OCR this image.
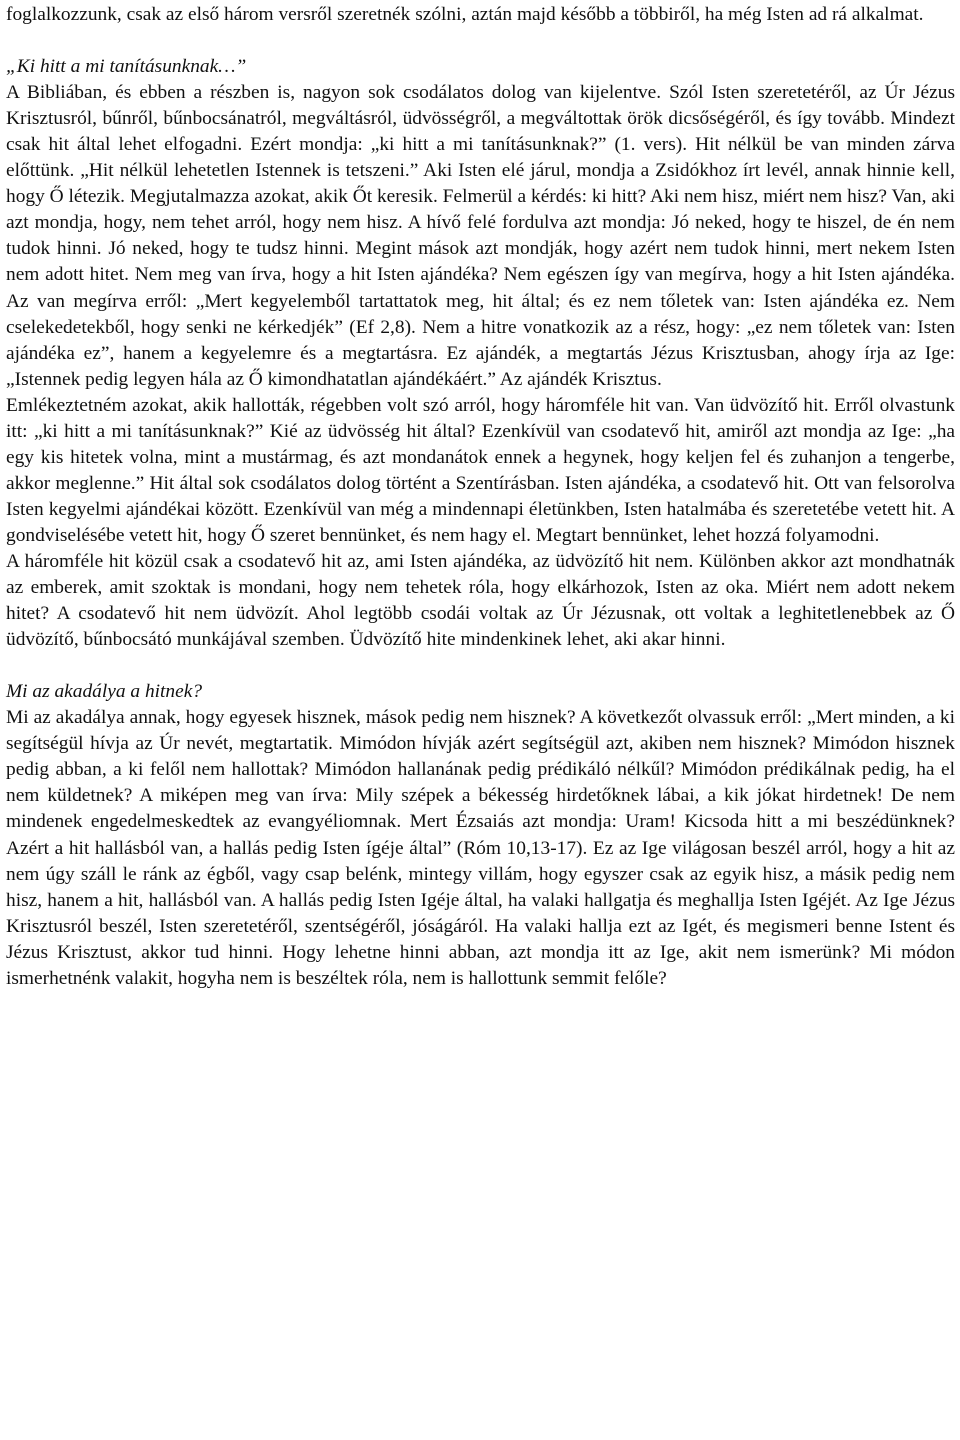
foglalkozzunk, csak az első három versről szeretnék szólni, aztán majd később a többiről, ha még Isten ad rá alkalmat.

„Ki hitt a mi tanításunknak…”

A Bibliában, és ebben a részben is, nagyon sok csodálatos dolog van kijelentve. Szól Isten szeretetéről, az Úr Jézus Krisztusról, bűnről, bűnbocsánatról, megváltásról, üdvösségről, a megváltottak örök dicsőségéről, és így tovább. Mindezt csak hit által lehet elfogadni. Ezért mondja: „ki hitt a mi tanításunknak?” (1. vers). Hit nélkül be van minden zárva előttünk. „Hit nélkül lehetetlen Istennek is tetszeni.” Aki Isten elé járul, mondja a Zsidókhoz írt levél, annak hinnie kell, hogy Ő létezik. Megjutalmazza azokat, akik Őt keresik. Felmerül a kérdés: ki hitt? Aki nem hisz, miért nem hisz? Van, aki azt mondja, hogy, nem tehet arról, hogy nem hisz. A hívő felé fordulva azt mondja: Jó neked, hogy te hiszel, de én nem tudok hinni. Jó neked, hogy te tudsz hinni. Megint mások azt mondják, hogy azért nem tudok hinni, mert nekem Isten nem adott hitet. Nem meg van írva, hogy a hit Isten ajándéka? Nem egészen így van megírva, hogy a hit Isten ajándéka. Az van megírva erről: „Mert kegyelemből tartattatok meg, hit által; és ez nem tőletek van: Isten ajándéka ez. Nem cselekedetekből, hogy senki ne kérkedjék” (Ef 2,8). Nem a hitre vonatkozik az a rész, hogy: „ez nem tőletek van: Isten ajándéka ez”, hanem a kegyelemre és a megtartásra. Ez ajándék, a megtartás Jézus Krisztusban, ahogy írja az Ige: „Istennek pedig legyen hála az Ő kimondhatatlan ajándékáért.” Az ajándék Krisztus.

Emlékeztetném azokat, akik hallották, régebben volt szó arról, hogy háromféle hit van. Van üdvözítő hit. Erről olvastunk itt: „ki hitt a mi tanításunknak?” Kié az üdvösség hit által? Ezenkívül van csodatevő hit, amiről azt mondja az Ige: „ha egy kis hitetek volna, mint a mustármag, és azt mondanátok ennek a hegynek, hogy keljen fel és zuhanjon a tengerbe, akkor meglenne.” Hit által sok csodálatos dolog történt a Szentírásban. Isten ajándéka, a csodatevő hit. Ott van felsorolva Isten kegyelmi ajándékai között. Ezenkívül van még a mindennapi életünkben, Isten hatalmába és szeretetébe vetett hit. A gondviselésébe vetett hit, hogy Ő szeret bennünket, és nem hagy el. Megtart bennünket, lehet hozzá folyamodni.

A háromféle hit közül csak a csodatevő hit az, ami Isten ajándéka, az üdvözítő hit nem. Különben akkor azt mondhatnák az emberek, amit szoktak is mondani, hogy nem tehetek róla, hogy elkárhozok, Isten az oka. Miért nem adott nekem hitet? A csodatevő hit nem üdvözít. Ahol legtöbb csodái voltak az Úr Jézusnak, ott voltak a leghitetlenebbek az Ő üdvözítő, bűnbocsátó munkájával szemben. Üdvözítő hite mindenkinek lehet, aki akar hinni.

Mi az akadálya a hitnek?

Mi az akadálya annak, hogy egyesek hisznek, mások pedig nem hisznek? A következőt olvassuk erről: „Mert minden, a ki segítségül hívja az Úr nevét, megtartatik. Mimódon hívják azért segítségül azt, akiben nem hisznek? Mimódon hisznek pedig abban, a ki felől nem hallottak? Mimódon hallanának pedig prédikáló nélkűl? Mimódon prédikálnak pedig, ha el nem küldetnek? A miképen meg van írva: Mily szépek a békesség hirdetőknek lábai, a kik jókat hirdetnek! De nem mindenek engedelmeskedtek az evangyéliomnak. Mert Ézsaiás azt mondja: Uram! Kicsoda hitt a mi beszédünknek? Azért a hit hallásból van, a hallás pedig Isten ígéje által” (Róm 10,13-17). Ez az Ige világosan beszél arról, hogy a hit az nem úgy száll le ránk az égből, vagy csap belénk, mintegy villám, hogy egyszer csak az egyik hisz, a másik pedig nem hisz, hanem a hit, hallásból van. A hallás pedig Isten Igéje által, ha valaki hallgatja és meghallja Isten Igéjét. Az Ige Jézus Krisztusról beszél, Isten szeretetéről, szentségéről, jóságáról. Ha valaki hallja ezt az Igét, és megismeri benne Istent és Jézus Krisztust, akkor tud hinni. Hogy lehetne hinni abban, azt mondja itt az Ige, akit nem ismerünk? Mi módon ismerhetnénk valakit, hogyha nem is beszéltek róla, nem is hallottunk semmit felőle?
